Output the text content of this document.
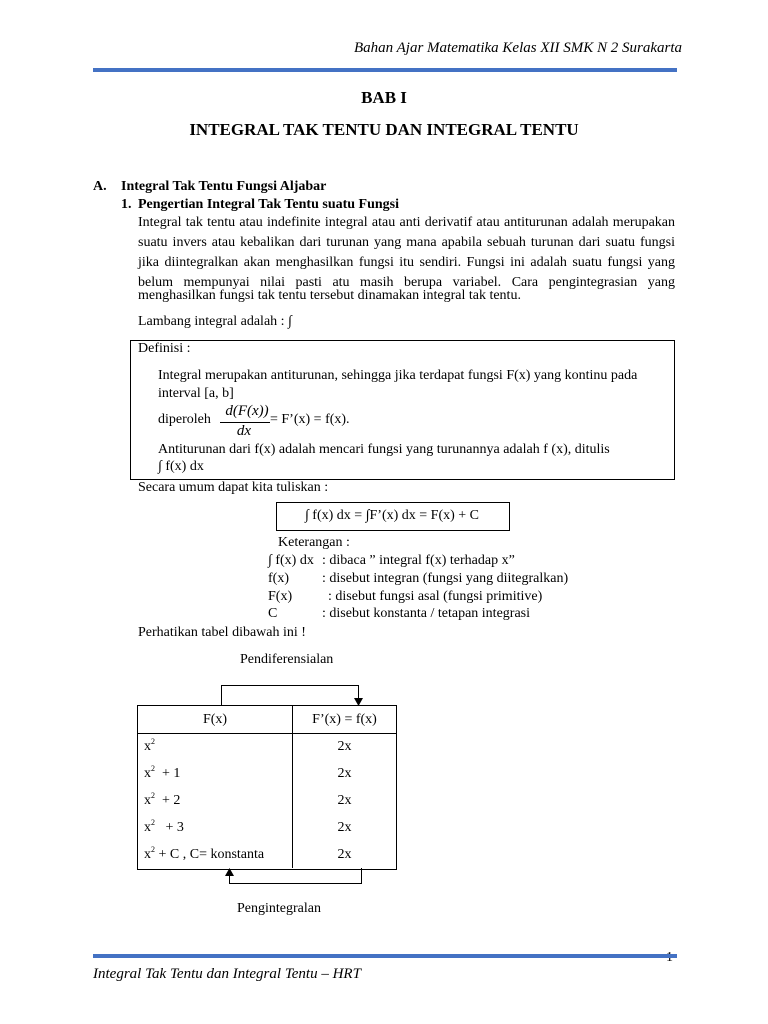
Bahan Ajar Matematika Kelas XII SMK N 2 Surakarta
BAB I
INTEGRAL TAK TENTU DAN INTEGRAL TENTU
A. Integral Tak Tentu Fungsi Aljabar
1. Pengertian Integral Tak Tentu suatu Fungsi
Integral tak tentu atau indefinite integral atau anti derivatif atau antiturunan adalah merupakan
suatu invers atau kebalikan dari turunan yang mana apabila sebuah turunan dari suatu fungsi
jika diintegralkan akan menghasilkan fungsi itu sendiri. Fungsi ini adalah suatu fungsi yang
belum mempunyai nilai pasti atu masih berupa variabel. Cara pengintegrasian yang
menghasilkan fungsi tak tentu tersebut dinamakan integral tak tentu.
Lambang integral adalah : ∫
Definisi :
Integral merupakan antiturunan, sehingga jika terdapat fungsi F(x) yang kontinu pada
interval [a, b]
diperoleh
d(F(x))
dx
= F’(x) = f(x).
Antiturunan dari f(x) adalah mencari fungsi yang turunannya adalah f (x), ditulis
∫ f(x) dx
Secara umum dapat kita tuliskan :
∫ f(x) dx = ∫F’(x) dx = F(x) + C
Keterangan :
∫ f(x) dx : dibaca ” integral f(x) terhadap x”
f(x) : disebut integran (fungsi yang diitegralkan)
F(x)	: disebut fungsi asal (fungsi primitive)
C	: disebut konstanta / tetapan integrasi
Perhatikan tabel dibawah ini !
Pendiferensialan
F(x)	F’(x) = f(x)
$x^2$	2x
$x^2 + 1$	2x
$x^2 + 2$	2x
$x^2 + 3$	2x
$x^2 + C$ , C= konstanta	2x
Pengintegralan
Integral Tak Tentu dan Integral Tentu – HRT
